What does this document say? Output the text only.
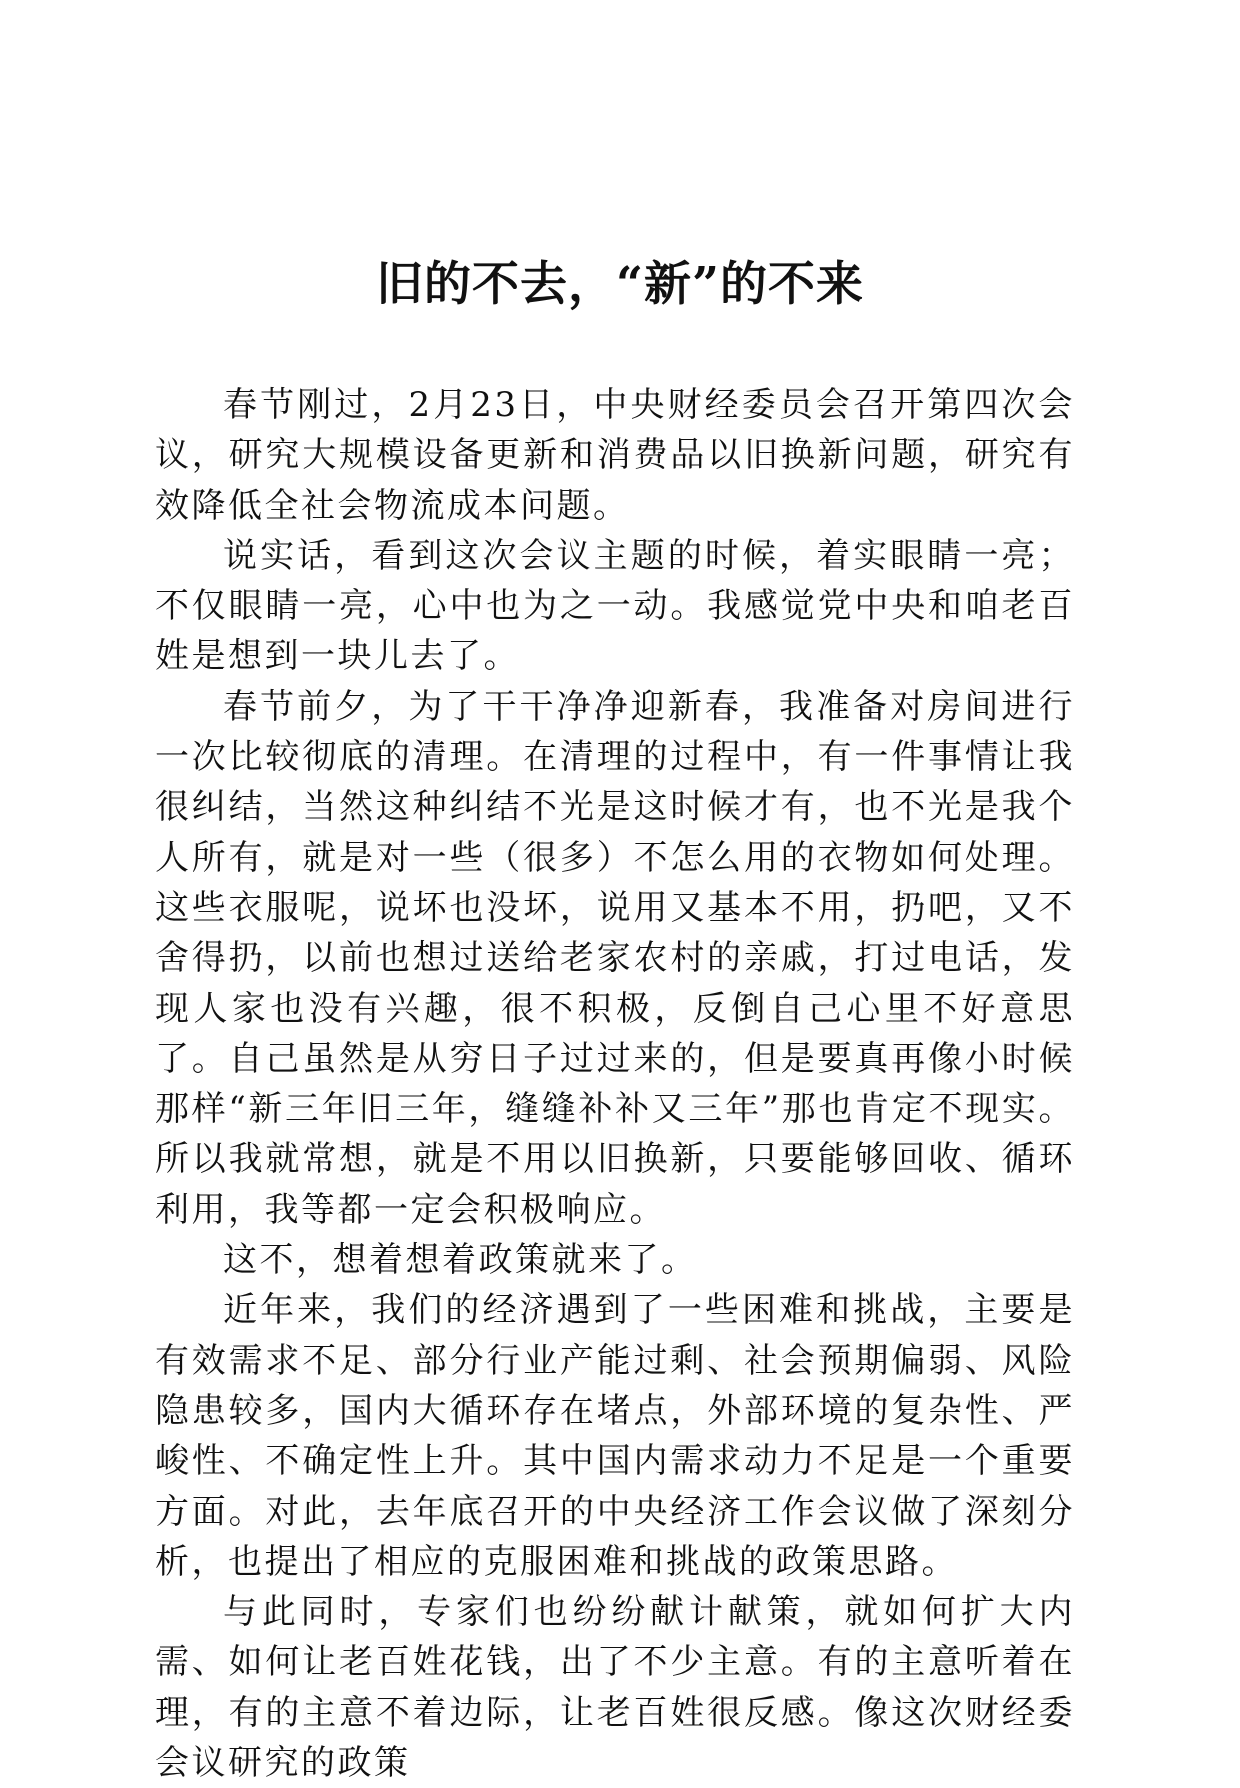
旧的不去，“新”的不来

春节刚过，2月23日，中央财经委员会召开第四次会议，研究大规模设备更新和消费品以旧换新问题，研究有效降低全社会物流成本问题。

说实话，看到这次会议主题的时候，着实眼睛一亮；不仅眼睛一亮，心中也为之一动。我感觉党中央和咱老百姓是想到一块儿去了。

春节前夕，为了干干净净迎新春，我准备对房间进行一次比较彻底的清理。在清理的过程中，有一件事情让我很纠结，当然这种纠结不光是这时候才有，也不光是我个人所有，就是对一些（很多）不怎么用的衣物如何处理。这些衣服呢，说坏也没坏，说用又基本不用，扔吧，又不舍得扔，以前也想过送给老家农村的亲戚，打过电话，发现人家也没有兴趣，很不积极，反倒自己心里不好意思了。自己虽然是从穷日子过过来的，但是要真再像小时候那样“新三年旧三年，缝缝补补又三年”那也肯定不现实。所以我就常想，就是不用以旧换新，只要能够回收、循环利用，我等都一定会积极响应。

这不，想着想着政策就来了。

近年来，我们的经济遇到了一些困难和挑战，主要是有效需求不足、部分行业产能过剩、社会预期偏弱、风险隐患较多，国内大循环存在堵点，外部环境的复杂性、严峻性、不确定性上升。其中国内需求动力不足是一个重要方面。对此，去年底召开的中央经济工作会议做了深刻分析，也提出了相应的克服困难和挑战的政策思路。

与此同时，专家们也纷纷献计献策，就如何扩大内需、如何让老百姓花钱，出了不少主意。有的主意听着在理，有的主意不着边际，让老百姓很反感。像这次财经委会议研究的政策
